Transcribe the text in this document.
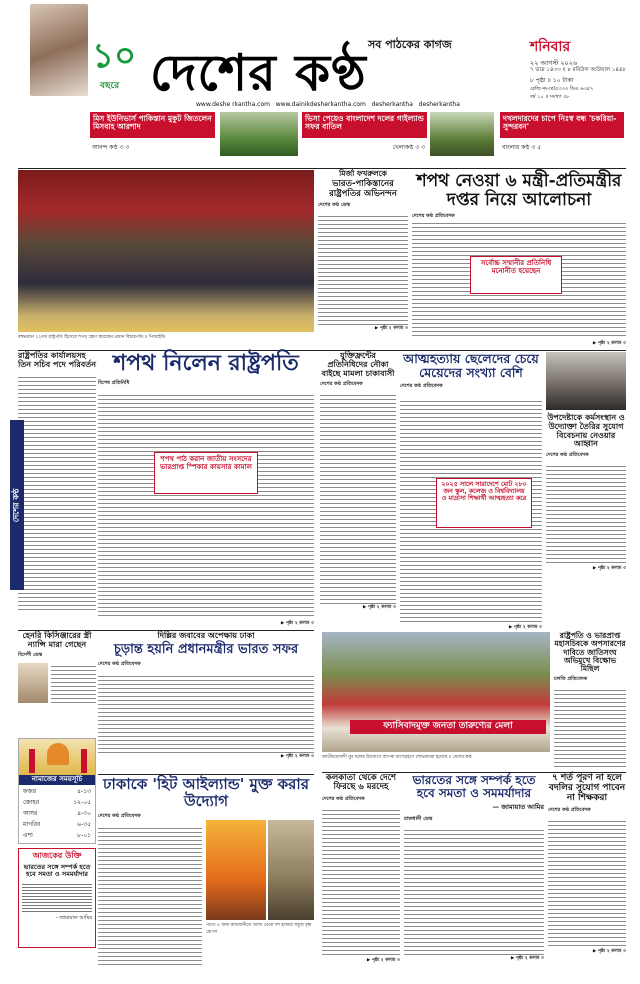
১০
বছরে
সব পাঠকের কাগজ
দেশের কণ্ঠ
www.deshe rkantha.com www.dainikdesherkantha.com desherkantha desherkantha
শনিবার
২২ আগস্ট ২০২৬
৭ ভাদ্র ১৪৩৩ ॥ ৮ রবিউল আউয়াল ১৪৪৮
৮ পৃষ্ঠা ॥ ১০ টাকা
রেজি নং-ঢা/৫৩৩৩ ডিএ ৬৩৫৭
বর্ষ ১০ ॥ সংখ্যা ৩৮
মিস ইউনিভার্স পাকিস্তান মুকুট জিতলেন মিসবাহ আরশাদ
আনন্দ কণ্ঠ ৩ ৩
ভিসা পেয়েও বাংলাদেশ দলের গাইল্যান্ড সফর বাতিল
খেলাকণ্ঠ ৩ ৩
দখলদারদের চাপে নিঃস্ব বন্ধ 'চকরিয়া-সুন্দরবন'
বাংলার কণ্ঠ ৩ ৫
বঙ্গভবনে ২২তম রাষ্ট্রপতি হিসেবে শপথ গ্রহণ করেছেন প্রধান বিচারপতি ॥ পিআইডি
মির্জা ফখরুলকে
ভারত-পাকিস্তানের রাষ্ট্রপতির অভিনন্দন
দেশের কণ্ঠ ডেস্ক
▶ পৃষ্ঠা ২ কলাম ৩
শপথ নেওয়া ৬ মন্ত্রী-প্রতিমন্ত্রীর দপ্তর নিয়ে আলোচনা
দেশের কণ্ঠ প্রতিবেদক
সর্বোচ্চ সম্মানীর প্রতিনিধি মনোনীত হয়েছেন
▶ পৃষ্ঠা ২ কলাম ৩
রাষ্ট্রপতির কার্যালয়সহ তিন সচিব পদে পরিবর্তন
দেশের কণ্ঠ
শপথ নিলেন রাষ্ট্রপতি
বিশেষ প্রতিনিধি
শপথ পাঠ করান জাতীয় সংসদের ভারপ্রাপ্ত স্পিকার কায়সার কামাল
▶ পৃষ্ঠা ২ কলাম ৩
যুক্তিফ্রন্টের প্রতিনিধিদের নৌকা বাইছে মামলা চাকাবাসী
দেশের কণ্ঠ প্রতিবেদক
▶ পৃষ্ঠা ২ কলাম ৩
আত্মহত্যায় ছেলেদের চেয়ে মেয়েদের সংখ্যা বেশি
দেশের কণ্ঠ প্রতিবেদক
২০২৫ সালে সারাদেশে মোট ২৮০ জন স্কুল, কলেজ ও বিশ্ববিদ্যালয় ও মাদ্রাসা শিক্ষার্থী আত্মহত্যা করে
▶ পৃষ্ঠা ২ কলাম ৩
উপদেষ্টাকে কর্মসংস্থান ও উদ্যোক্তা তৈরির সুযোগ বিবেচনায় নেওয়ার আহ্বান
দেশের কণ্ঠ প্রতিবেদক
▶ পৃষ্ঠা ২ কলাম ৩
হেনরি কিসিঞ্জারের স্ত্রী ন্যান্সি মারা গেছেন
বিদেশী ডেস্ক
দিল্লির জবাবের অপেক্ষায় ঢাকা
চূড়ান্ত হয়নি প্রধানমন্ত্রীর ভারত সফর
দেশের কণ্ঠ প্রতিবেদক
▶ পৃষ্ঠা ২ কলাম ৩
ফ্যাসিবাদমুক্ত জনতা তারুণ্যের মেলা
জাতীয়তাবাদী যুব দলের উদ্যোগে ব্যাপক অংশগ্রহণে শোভাযাত্রা হয়েছে ॥ দেশের কণ্ঠ
রাষ্ট্রপতি ও ভারপ্রাপ্ত মহাসচিবকে অপসারণের দাবিতে জাতিসংঘ অভিমুখে বিক্ষোভ মিছিল
চলতি প্রতিবেদক
নামাজের সময়সূচি
ফজর	৪-১৩
জোহর	১২-০৫
আসর	৪-৩০
মাগরিব	৬-৩৫
এশা	৮-০১
আজকের উক্তি
ভারতের সঙ্গে সম্পর্ক হতে হবে সমতা ও সমমর্যাদার
- জামায়াত আমির
ঢাকাকে 'হিট আইল্যান্ড' মুক্ত করার উদ্যোগ
দেশের কণ্ঠ প্রতিবেদক
পাতে ৫ জন্য রাজধানীতে আজ থেকে দশ হাজার সবুজ বৃক্ষ রোপণ
কলকাতা থেকে দেশে ফিরছে ৬ মরদেহ
দেশের কণ্ঠ প্রতিবেদক
▶ পৃষ্ঠা ২ কলাম ৩
ভারতের সঙ্গে সম্পর্ক হতে হবে সমতা ও সমমর্যাদার
— জামায়াত আমির
রাজধানী ডেস্ক
▶ পৃষ্ঠা ২ কলাম ৩
৭ শর্ত পূরণ না হলে বদলির সুযোগ পাবেন না শিক্ষকরা
দেশের কণ্ঠ প্রতিবেদক
▶ পৃষ্ঠা ২ কলাম ৩
